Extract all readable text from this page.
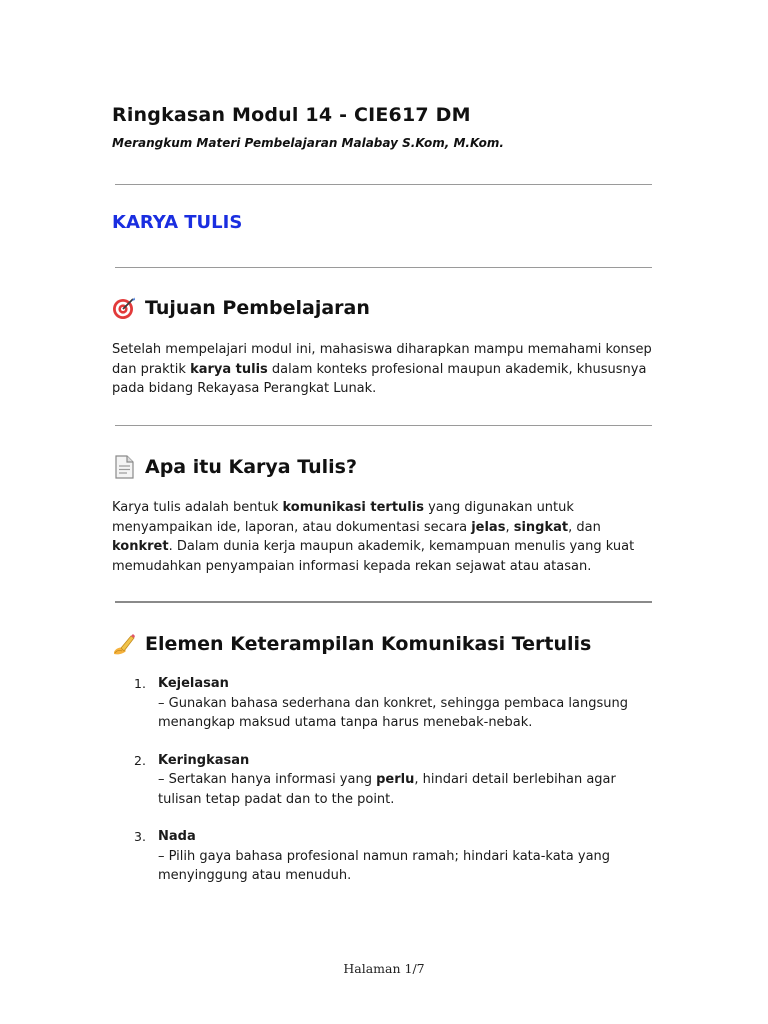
Ringkasan Modul 14 - CIE617 DM
Merangkum Materi Pembelajaran Malabay S.Kom, M.Kom.
KARYA TULIS
Tujuan Pembelajaran
Setelah mempelajari modul ini, mahasiswa diharapkan mampu memahami konsep dan praktik karya tulis dalam konteks profesional maupun akademik, khususnya pada bidang Rekayasa Perangkat Lunak.
Apa itu Karya Tulis?
Karya tulis adalah bentuk komunikasi tertulis yang digunakan untuk menyampaikan ide, laporan, atau dokumentasi secara jelas, singkat, dan konkret. Dalam dunia kerja maupun akademik, kemampuan menulis yang kuat memudahkan penyampaian informasi kepada rekan sejawat atau atasan.
Elemen Keterampilan Komunikasi Tertulis
1. Kejelasan
– Gunakan bahasa sederhana dan konkret, sehingga pembaca langsung menangkap maksud utama tanpa harus menebak-nebak.
2. Keringkasan
– Sertakan hanya informasi yang perlu, hindari detail berlebihan agar tulisan tetap padat dan to the point.
3. Nada
– Pilih gaya bahasa profesional namun ramah; hindari kata-kata yang menyinggung atau menuduh.
Halaman 1/7
